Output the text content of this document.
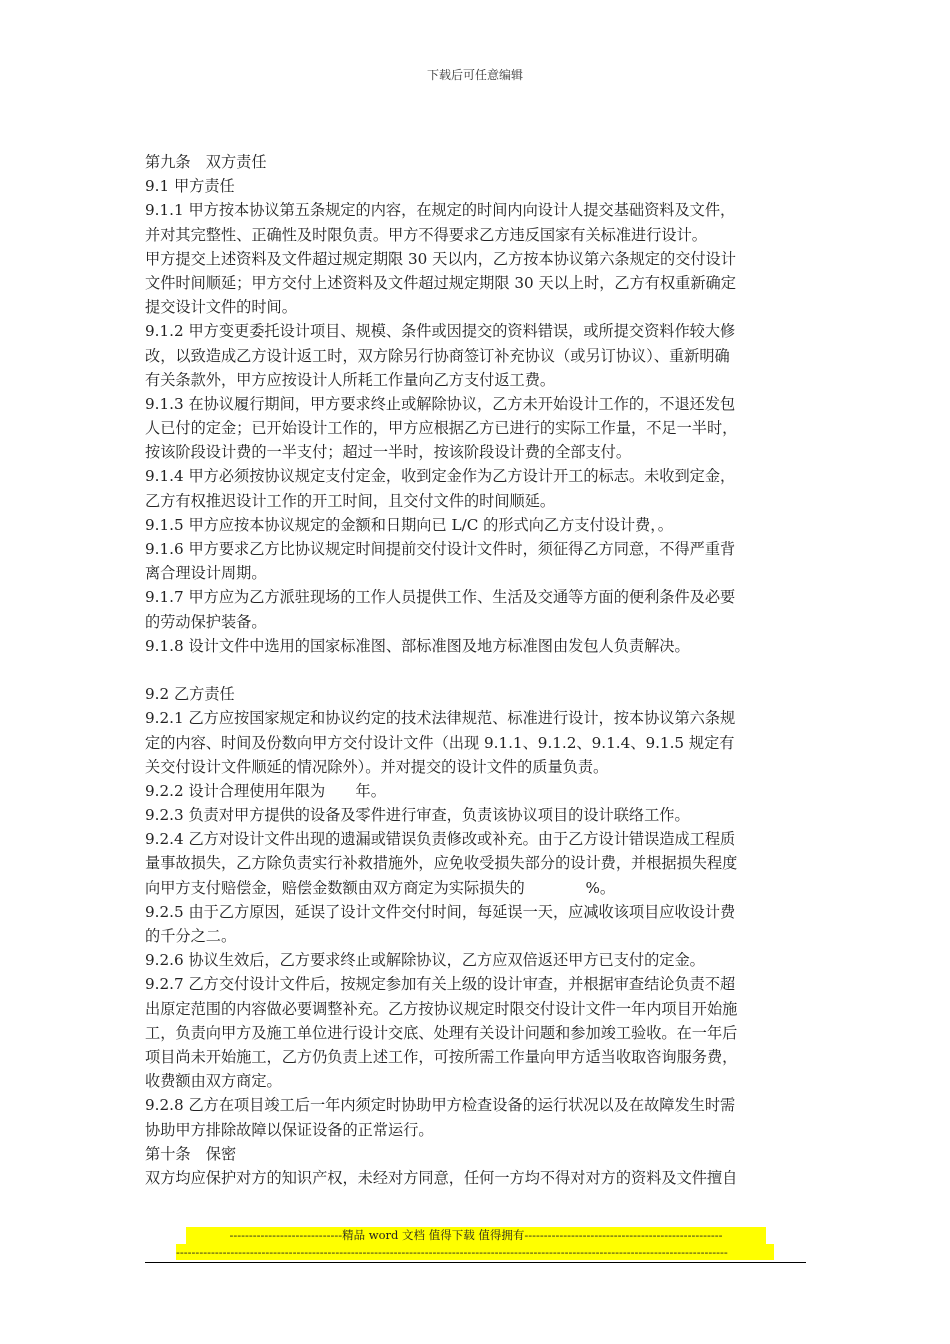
下载后可任意编辑
第九条　双方责任
9.1 甲方责任
9.1.1 甲方按本协议第五条规定的内容，在规定的时间内向设计人提交基础资料及文件，
并对其完整性、正确性及时限负责。甲方不得要求乙方违反国家有关标准进行设计。
甲方提交上述资料及文件超过规定期限 30 天以内，乙方按本协议第六条规定的交付设计
文件时间顺延；甲方交付上述资料及文件超过规定期限 30 天以上时，乙方有权重新确定
提交设计文件的时间。
9.1.2 甲方变更委托设计项目、规模、条件或因提交的资料错误，或所提交资料作较大修
改，以致造成乙方设计返工时，双方除另行协商签订补充协议（或另订协议）、重新明确
有关条款外，甲方应按设计人所耗工作量向乙方支付返工费。
9.1.3 在协议履行期间，甲方要求终止或解除协议，乙方未开始设计工作的，不退还发包
人已付的定金；已开始设计工作的，甲方应根据乙方已进行的实际工作量，不足一半时，
按该阶段设计费的一半支付；超过一半时，按该阶段设计费的全部支付。
9.1.4 甲方必须按协议规定支付定金，收到定金作为乙方设计开工的标志。未收到定金，
乙方有权推迟设计工作的开工时间，且交付文件的时间顺延。
9.1.5 甲方应按本协议规定的金额和日期向已 L/C 的形式向乙方支付设计费，。
9.1.6 甲方要求乙方比协议规定时间提前交付设计文件时，须征得乙方同意，不得严重背
离合理设计周期。
9.1.7 甲方应为乙方派驻现场的工作人员提供工作、生活及交通等方面的便利条件及必要
的劳动保护装备。
9.1.8 设计文件中选用的国家标准图、部标准图及地方标准图由发包人负责解决。
9.2 乙方责任
9.2.1 乙方应按国家规定和协议约定的技术法律规范、标准进行设计，按本协议第六条规
定的内容、时间及份数向甲方交付设计文件（出现 9.1.1、9.1.2、9.1.4、9.1.5 规定有
关交付设计文件顺延的情况除外）。并对提交的设计文件的质量负责。
9.2.2 设计合理使用年限为　　年。
9.2.3 负责对甲方提供的设备及零件进行审查，负责该协议项目的设计联络工作。
9.2.4 乙方对设计文件出现的遗漏或错误负责修改或补充。由于乙方设计错误造成工程质
量事故损失，乙方除负责实行补救措施外，应免收受损失部分的设计费，并根据损失程度
向甲方支付赔偿金，赔偿金数额由双方商定为实际损失的　　　　%。
9.2.5 由于乙方原因，延误了设计文件交付时间，每延误一天，应减收该项目应收设计费
的千分之二。
9.2.6 协议生效后，乙方要求终止或解除协议，乙方应双倍返还甲方已支付的定金。
9.2.7 乙方交付设计文件后，按规定参加有关上级的设计审查，并根据审查结论负责不超
出原定范围的内容做必要调整补充。乙方按协议规定时限交付设计文件一年内项目开始施
工，负责向甲方及施工单位进行设计交底、处理有关设计问题和参加竣工验收。在一年后
项目尚未开始施工，乙方仍负责上述工作，可按所需工作量向甲方适当收取咨询服务费，
收费额由双方商定。
9.2.8 乙方在项目竣工后一年内须定时协助甲方检查设备的运行状况以及在故障发生时需
协助甲方排除故障以保证设备的正常运行。
第十条　保密
双方均应保护对方的知识产权，未经对方同意，任何一方均不得对对方的资料及文件擅自
-----------------------------精品 word 文档 值得下载 值得拥有---------------------------------------------------
----------------------------------------------------------------------------------------------------------------------------------------------
